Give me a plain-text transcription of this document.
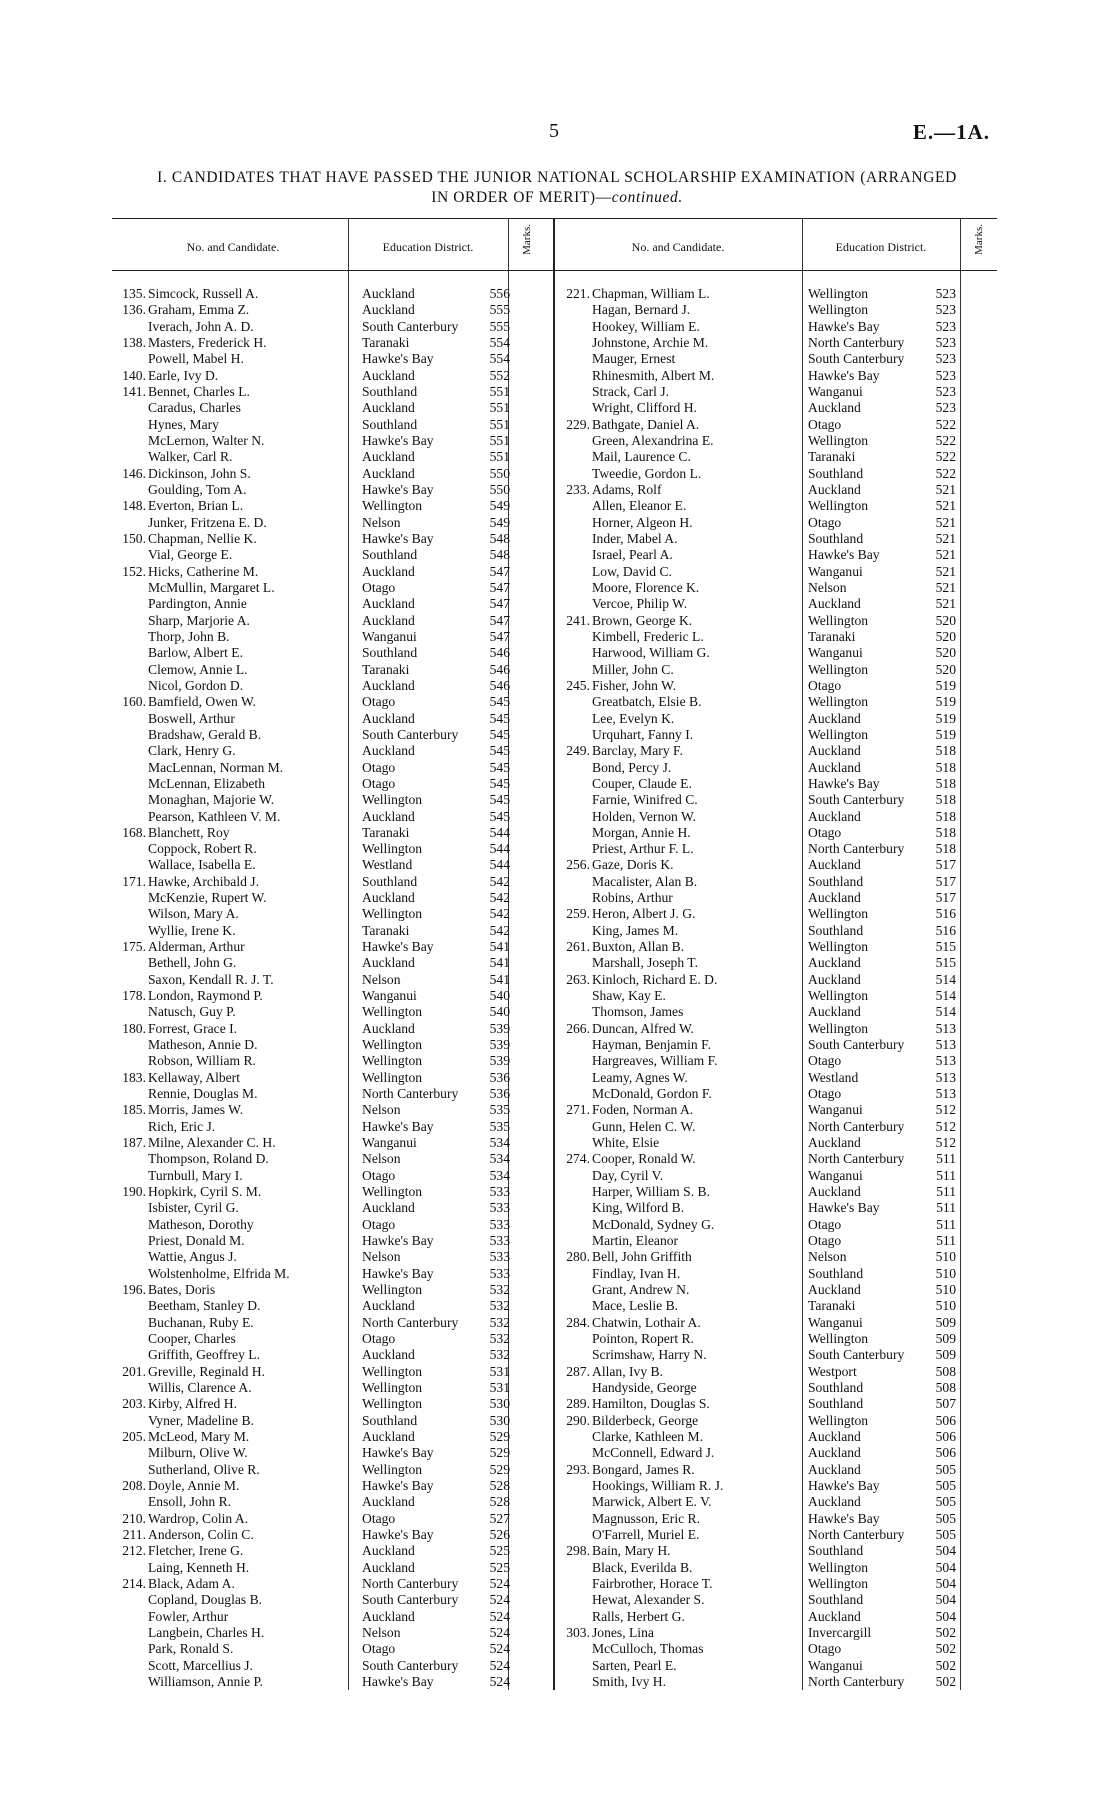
5	E.—1A.
I. CANDIDATES THAT HAVE PASSED THE JUNIOR NATIONAL SCHOLARSHIP EXAMINATION (ARRANGED
IN ORDER OF MERIT)—continued.
No. and Candidate.	Education District.	Marks.	No. and Candidate.	Education District.	Marks.
135. Simcock, Russell A.	Auckland	556
136. Graham, Emma Z.	Auckland	555
Iverach, John A. D.	South Canterbury	555
138. Masters, Frederick H.	Taranaki	554
Powell, Mabel H.	Hawke's Bay	554
140. Earle, Ivy D.	Auckland	552
141. Bennet, Charles L.	Southland	551
Caradus, Charles	Auckland	551
Hynes, Mary	Southland	551
McLernon, Walter N.	Hawke's Bay	551
Walker, Carl R.	Auckland	551
146. Dickinson, John S.	Auckland	550
Goulding, Tom A.	Hawke's Bay	550
148. Everton, Brian L.	Wellington	549
Junker, Fritzena E. D.	Nelson	549
150. Chapman, Nellie K.	Hawke's Bay	548
Vial, George E.	Southland	548
152. Hicks, Catherine M.	Auckland	547
McMullin, Margaret L.	Otago	547
Pardington, Annie	Auckland	547
Sharp, Marjorie A.	Auckland	547
Thorp, John B.	Wanganui	547
Barlow, Albert E.	Southland	546
Clemow, Annie L.	Taranaki	546
Nicol, Gordon D.	Auckland	546
160. Bamfield, Owen W.	Otago	545
Boswell, Arthur	Auckland	545
Bradshaw, Gerald B.	South Canterbury	545
Clark, Henry G.	Auckland	545
MacLennan, Norman M.	Otago	545
McLennan, Elizabeth	Otago	545
Monaghan, Majorie W.	Wellington	545
Pearson, Kathleen V. M.	Auckland	545
168. Blanchett, Roy	Taranaki	544
Coppock, Robert R.	Wellington	544
Wallace, Isabella E.	Westland	544
171. Hawke, Archibald J.	Southland	542
McKenzie, Rupert W.	Auckland	542
Wilson, Mary A.	Wellington	542
Wyllie, Irene K.	Taranaki	542
175. Alderman, Arthur	Hawke's Bay	541
Bethell, John G.	Auckland	541
Saxon, Kendall R. J. T.	Nelson	541
178. London, Raymond P.	Wanganui	540
Natusch, Guy P.	Wellington	540
180. Forrest, Grace I.	Auckland	539
Matheson, Annie D.	Wellington	539
Robson, William R.	Wellington	539
183. Kellaway, Albert	Wellington	536
Rennie, Douglas M.	North Canterbury	536
185. Morris, James W.	Nelson	535
Rich, Eric J.	Hawke's Bay	535
187. Milne, Alexander C. H.	Wanganui	534
Thompson, Roland D.	Nelson	534
Turnbull, Mary I.	Otago	534
190. Hopkirk, Cyril S. M.	Wellington	533
Isbister, Cyril G.	Auckland	533
Matheson, Dorothy	Otago	533
Priest, Donald M.	Hawke's Bay	533
Wattie, Angus J.	Nelson	533
Wolstenholme, Elfrida M.	Hawke's Bay	533
196. Bates, Doris	Wellington	532
Beetham, Stanley D.	Auckland	532
Buchanan, Ruby E.	North Canterbury	532
Cooper, Charles	Otago	532
Griffith, Geoffrey L.	Auckland	532
201. Greville, Reginald H.	Wellington	531
Willis, Clarence A.	Wellington	531
203. Kirby, Alfred H.	Wellington	530
Vyner, Madeline B.	Southland	530
205. McLeod, Mary M.	Auckland	529
Milburn, Olive W.	Hawke's Bay	529
Sutherland, Olive R.	Wellington	529
208. Doyle, Annie M.	Hawke's Bay	528
Ensoll, John R.	Auckland	528
210. Wardrop, Colin A.	Otago	527
211. Anderson, Colin C.	Hawke's Bay	526
212. Fletcher, Irene G.	Auckland	525
Laing, Kenneth H.	Auckland	525
214. Black, Adam A.	North Canterbury	524
Copland, Douglas B.	South Canterbury	524
Fowler, Arthur	Auckland	524
Langbein, Charles H.	Nelson	524
Park, Ronald S.	Otago	524
Scott, Marcellius J.	South Canterbury	524
Williamson, Annie P.	Hawke's Bay	524
221. Chapman, William L.	Wellington	523
Hagan, Bernard J.	Wellington	523
Hookey, William E.	Hawke's Bay	523
Johnstone, Archie M.	North Canterbury	523
Mauger, Ernest	South Canterbury	523
Rhinesmith, Albert M.	Hawke's Bay	523
Strack, Carl J.	Wanganui	523
Wright, Clifford H.	Auckland	523
229. Bathgate, Daniel A.	Otago	522
Green, Alexandrina E.	Wellington	522
Mail, Laurence C.	Taranaki	522
Tweedie, Gordon L.	Southland	522
233. Adams, Rolf	Auckland	521
Allen, Eleanor E.	Wellington	521
Horner, Algeon H.	Otago	521
Inder, Mabel A.	Southland	521
Israel, Pearl A.	Hawke's Bay	521
Low, David C.	Wanganui	521
Moore, Florence K.	Nelson	521
Vercoe, Philip W.	Auckland	521
241. Brown, George K.	Wellington	520
Kimbell, Frederic L.	Taranaki	520
Harwood, William G.	Wanganui	520
Miller, John C.	Wellington	520
245. Fisher, John W.	Otago	519
Greatbatch, Elsie B.	Wellington	519
Lee, Evelyn K.	Auckland	519
Urquhart, Fanny I.	Wellington	519
249. Barclay, Mary F.	Auckland	518
Bond, Percy J.	Auckland	518
Couper, Claude E.	Hawke's Bay	518
Farnie, Winifred C.	South Canterbury	518
Holden, Vernon W.	Auckland	518
Morgan, Annie H.	Otago	518
Priest, Arthur F. L.	North Canterbury	518
256. Gaze, Doris K.	Auckland	517
Macalister, Alan B.	Southland	517
Robins, Arthur	Auckland	517
259. Heron, Albert J. G.	Wellington	516
King, James M.	Southland	516
261. Buxton, Allan B.	Wellington	515
Marshall, Joseph T.	Auckland	515
263. Kinloch, Richard E. D.	Auckland	514
Shaw, Kay E.	Wellington	514
Thomson, James	Auckland	514
266. Duncan, Alfred W.	Wellington	513
Hayman, Benjamin F.	South Canterbury	513
Hargreaves, William F.	Otago	513
Leamy, Agnes W.	Westland	513
McDonald, Gordon F.	Otago	513
271. Foden, Norman A.	Wanganui	512
Gunn, Helen C. W.	North Canterbury	512
White, Elsie	Auckland	512
274. Cooper, Ronald W.	North Canterbury	511
Day, Cyril V.	Wanganui	511
Harper, William S. B.	Auckland	511
King, Wilford B.	Hawke's Bay	511
McDonald, Sydney G.	Otago	511
Martin, Eleanor	Otago	511
280. Bell, John Griffith	Nelson	510
Findlay, Ivan H.	Southland	510
Grant, Andrew N.	Auckland	510
Mace, Leslie B.	Taranaki	510
284. Chatwin, Lothair A.	Wanganui	509
Pointon, Ropert R.	Wellington	509
Scrimshaw, Harry N.	South Canterbury	509
287. Allan, Ivy B.	Westport	508
Handyside, George	Southland	508
289. Hamilton, Douglas S.	Southland	507
290. Bilderbeck, George	Wellington	506
Clarke, Kathleen M.	Auckland	506
McConnell, Edward J.	Auckland	506
293. Bongard, James R.	Auckland	505
Hookings, William R. J.	Hawke's Bay	505
Marwick, Albert E. V.	Auckland	505
Magnusson, Eric R.	Hawke's Bay	505
O'Farrell, Muriel E.	North Canterbury	505
298. Bain, Mary H.	Southland	504
Black, Everilda B.	Wellington	504
Fairbrother, Horace T.	Wellington	504
Hewat, Alexander S.	Southland	504
Ralls, Herbert G.	Auckland	504
303. Jones, Lina	Invercargill	502
McCulloch, Thomas	Otago	502
Sarten, Pearl E.	Wanganui	502
Smith, Ivy H.	North Canterbury	502
